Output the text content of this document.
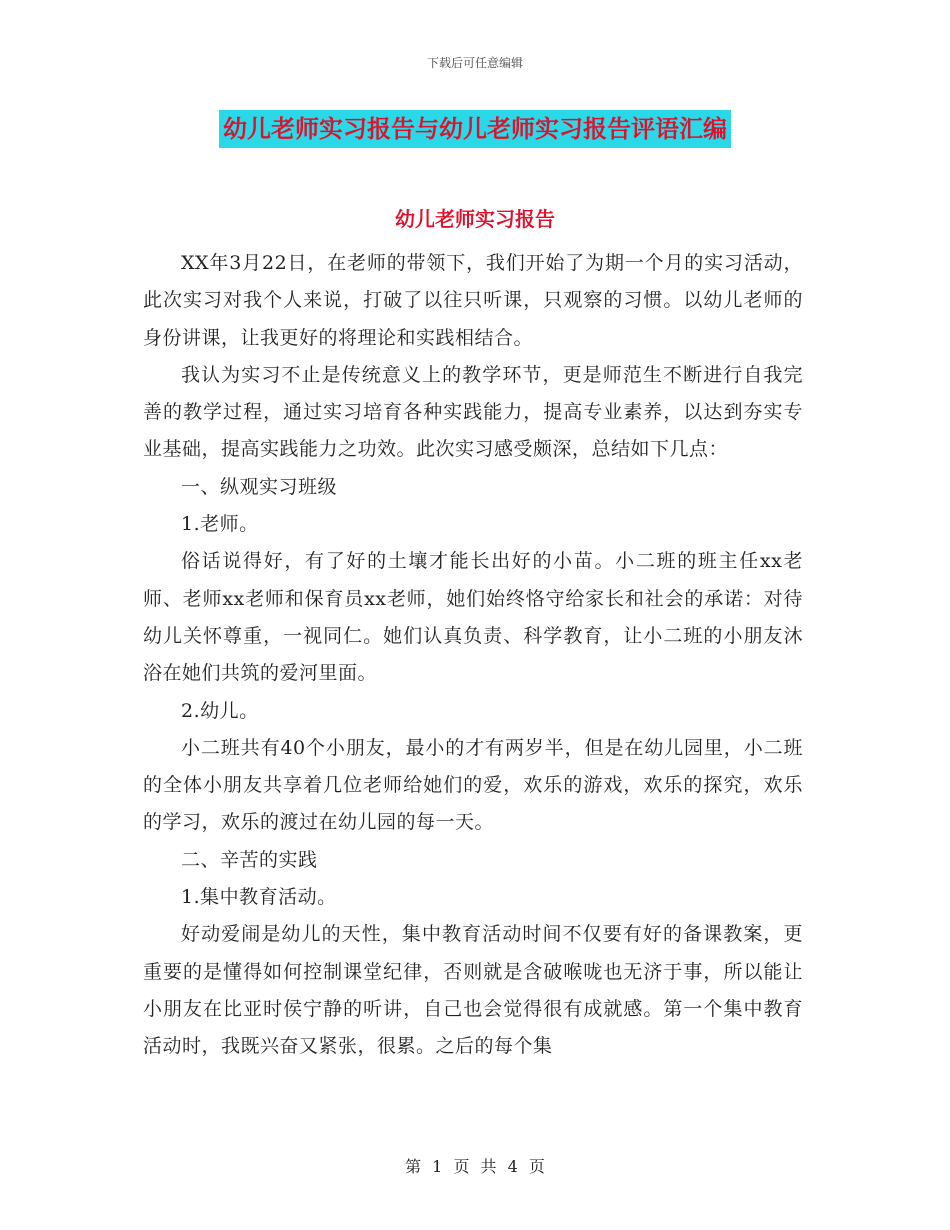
下载后可任意编辑
幼儿老师实习报告与幼儿老师实习报告评语汇编
幼儿老师实习报告

XX年3月22日，在老师的带领下，我们开始了为期一个月的实习活动，此次实习对我个人来说，打破了以往只听课，只观察的习惯。以幼儿老师的身份讲课，让我更好的将理论和实践相结合。

我认为实习不止是传统意义上的教学环节，更是师范生不断进行自我完善的教学过程，通过实习培育各种实践能力，提高专业素养，以达到夯实专业基础，提高实践能力之功效。此次实习感受颇深，总结如下几点：

一、纵观实习班级

1.老师。

俗话说得好，有了好的土壤才能长出好的小苗。小二班的班主任xx老师、老师xx老师和保育员xx老师，她们始终恪守给家长和社会的承诺：对待幼儿关怀尊重，一视同仁。她们认真负责、科学教育，让小二班的小朋友沐浴在她们共筑的爱河里面。

2.幼儿。

小二班共有40个小朋友，最小的才有两岁半，但是在幼儿园里，小二班的全体小朋友共享着几位老师给她们的爱，欢乐的游戏，欢乐的探究，欢乐的学习，欢乐的渡过在幼儿园的每一天。

二、辛苦的实践

1.集中教育活动。

好动爱闹是幼儿的天性，集中教育活动时间不仅要有好的备课教案，更重要的是懂得如何控制课堂纪律，否则就是含破喉咙也无济于事，所以能让小朋友在比亚时侯宁静的听讲，自己也会觉得很有成就感。第一个集中教育活动时，我既兴奋又紧张，很累。之后的每个集

第 1 页 共 4 页
